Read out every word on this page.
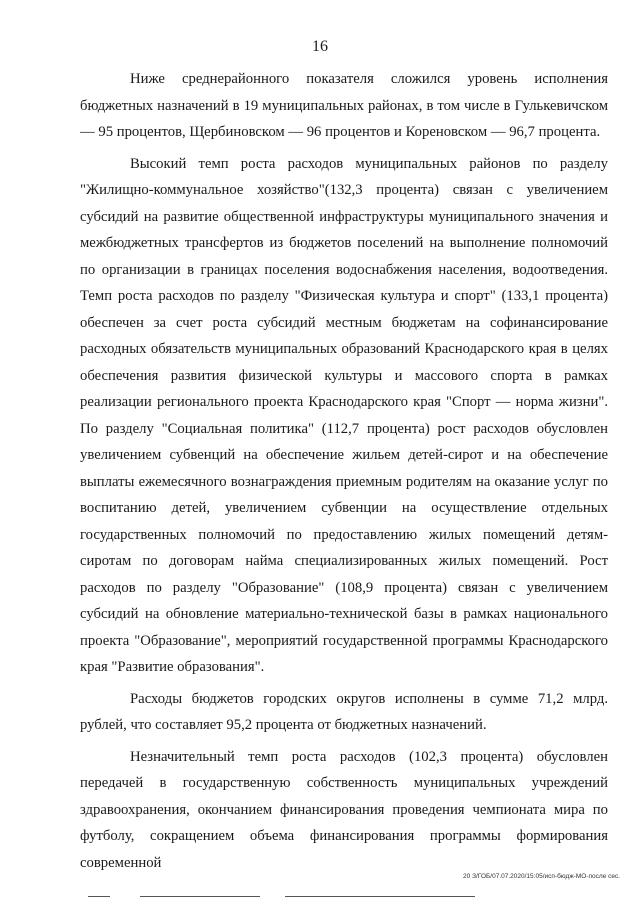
16

Ниже среднерайонного показателя сложился уровень исполнения бюджетных назначений в 19 муниципальных районах, в том числе в Гулькевичском — 95 процентов, Щербиновском — 96 процентов и Кореновском — 96,7 процента.

Высокий темп роста расходов муниципальных районов по разделу "Жилищно-коммунальное хозяйство"(132,3 процента) связан с увеличением субсидий на развитие общественной инфраструктуры муниципального значения и межбюджетных трансфертов из бюджетов поселений на выполнение полномочий по организации в границах поселения водоснабжения населения, водоотведения. Темп роста расходов по разделу "Физическая культура и спорт" (133,1 процента) обеспечен за счет роста субсидий местным бюджетам на софинансирование расходных обязательств муниципальных образований Краснодарского края в целях обеспечения развития физической культуры и массового спорта в рамках реализации регионального проекта Краснодарского края "Спорт — норма жизни". По разделу "Социальная политика" (112,7 процента) рост расходов обусловлен увеличением субвенций на обеспечение жильем детей-сирот и на обеспечение выплаты ежемесячного вознаграждения приемным родителям на оказание услуг по воспитанию детей, увеличением субвенции на осуществление отдельных государственных полномочий по предоставлению жилых помещений детям-сиротам по договорам найма специализированных жилых помещений. Рост расходов по разделу "Образование" (108,9 процента) связан с увеличением субсидий на обновление материально-технической базы в рамках национального проекта "Образование", мероприятий государственной программы Краснодарского края "Развитие образования".

Расходы бюджетов городских округов исполнены в сумме 71,2 млрд. рублей, что составляет 95,2 процента от бюджетных назначений.

Незначительный темп роста расходов (102,3 процента) обусловлен передачей в государственную собственность муниципальных учреждений здравоохранения, окончанием финансирования проведения чемпионата мира по футболу, сокращением объема финансирования программы формирования современной

20 З/ГОБ/07.07.2020/15:05/исп-бюдж-МО-после сес.
